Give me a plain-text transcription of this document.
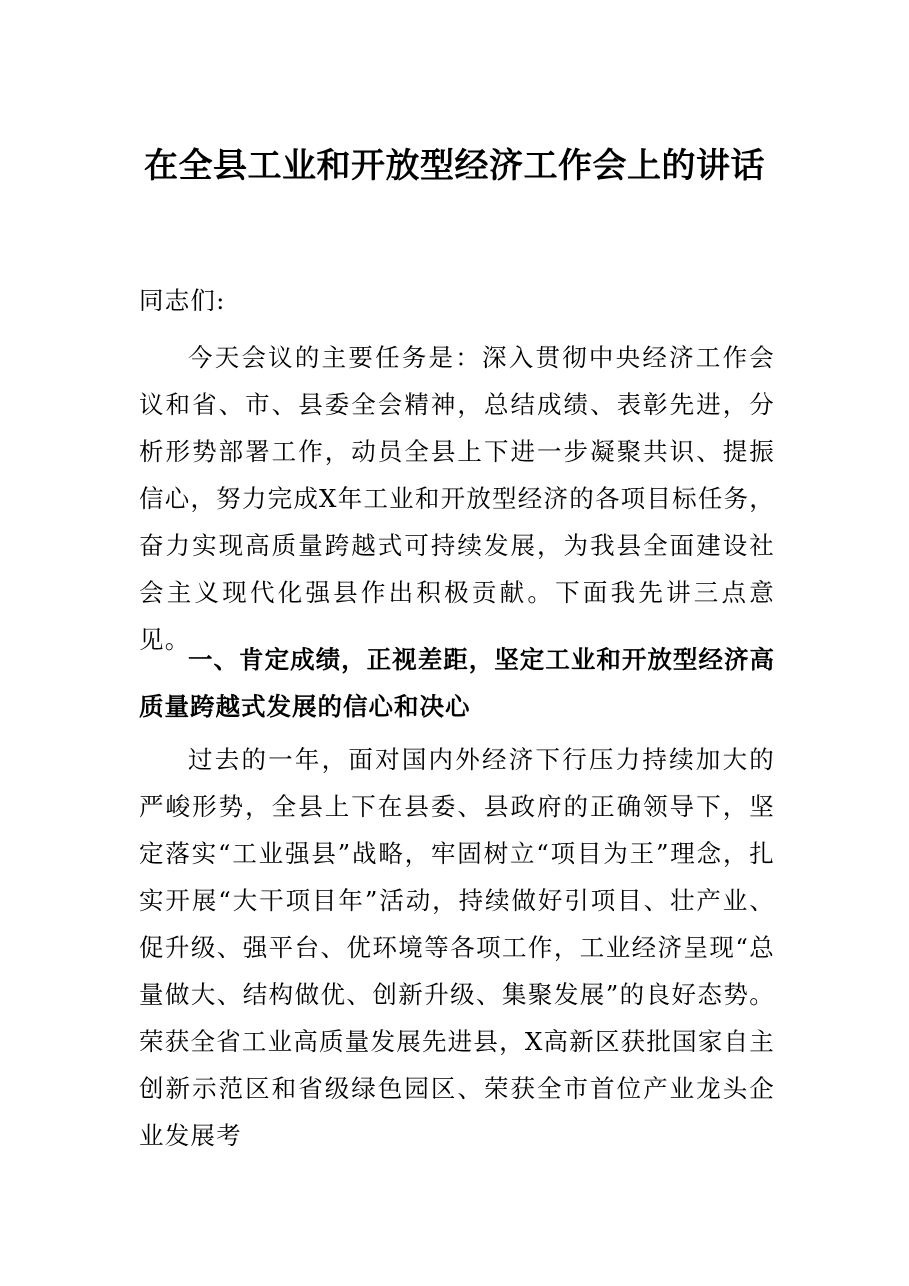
在全县工业和开放型经济工作会上的讲话
同志们:
今天会议的主要任务是：深入贯彻中央经济工作会议和省、市、县委全会精神，总结成绩、表彰先进，分析形势部署工作，动员全县上下进一步凝聚共识、提振信心，努力完成X年工业和开放型经济的各项目标任务，奋力实现高质量跨越式可持续发展，为我县全面建设社会主义现代化强县作出积极贡献。下面我先讲三点意见。
一、肯定成绩，正视差距，坚定工业和开放型经济高质量跨越式发展的信心和决心
过去的一年，面对国内外经济下行压力持续加大的严峻形势，全县上下在县委、县政府的正确领导下，坚定落实“工业强县”战略，牢固树立“项目为王”理念，扎实开展“大干项目年”活动，持续做好引项目、壮产业、促升级、强平台、优环境等各项工作，工业经济呈现“总量做大、结构做优、创新升级、集聚发展”的良好态势。荣获全省工业高质量发展先进县，X高新区获批国家自主创新示范区和省级绿色园区、荣获全市首位产业龙头企业发展考
